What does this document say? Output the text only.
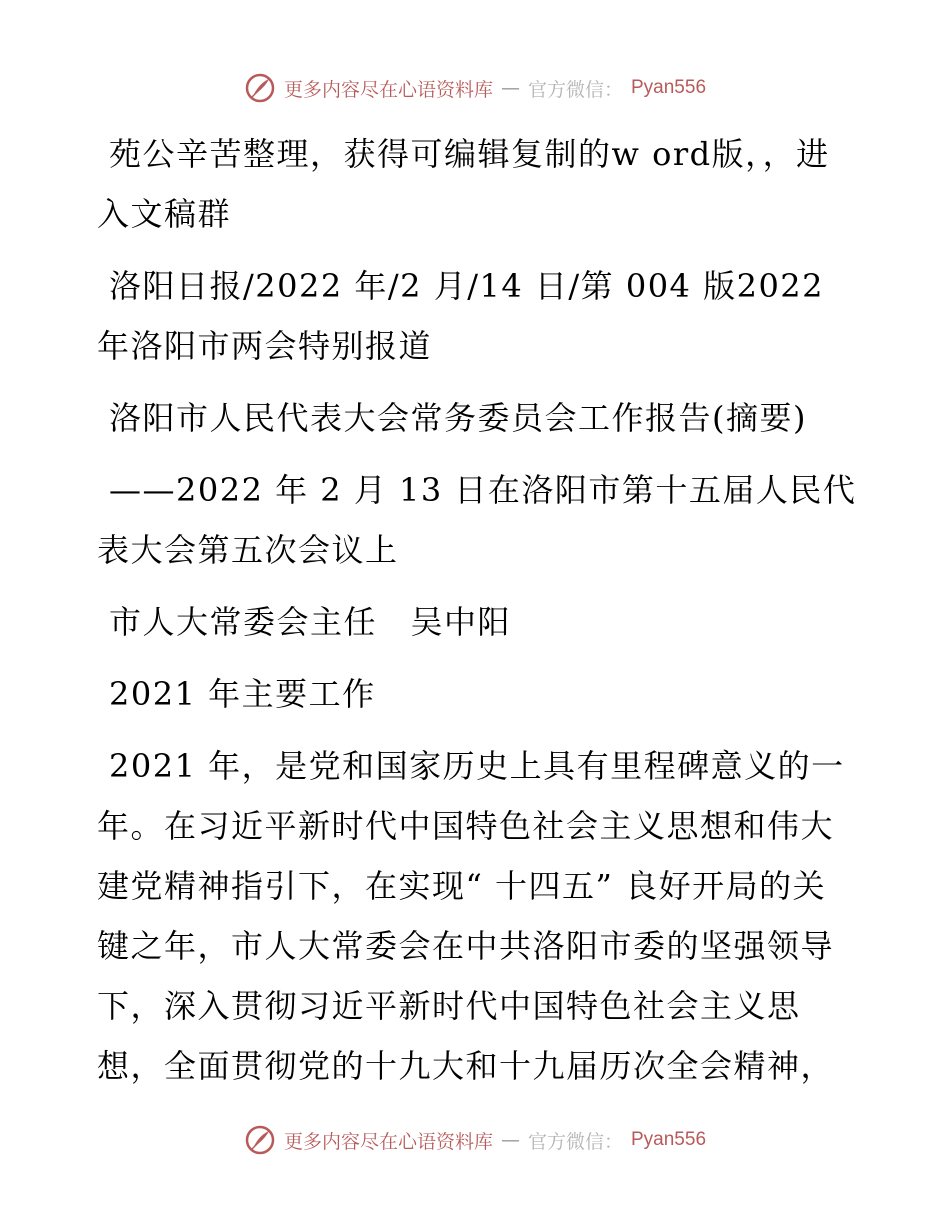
更多内容尽在心语资料库 — 官方微信： Pyan556

苑公辛苦整理，获得可编辑复制的w ord版，，进入文稿群

洛阳日报/2022 年/2 月/14 日/第 004 版2022 年洛阳市两会特别报道

洛阳市人民代表大会常务委员会工作报告(摘要)

——2022 年 2 月 13 日在洛阳市第十五届人民代表大会第五次会议上

市人大常委会主任　吴中阳

2021 年主要工作

2021 年，是党和国家历史上具有里程碑意义的一年。在习近平新时代中国特色社会主义思想和伟大建党精神指引下，在实现“ 十四五” 良好开局的关键之年，市人大常委会在中共洛阳市委的坚强领导下，深入贯彻习近平新时代中国特色社会主义思想，全面贯彻党的十九大和十九届历次全会精神，

更多内容尽在心语资料库 — 官方微信： Pyan556
